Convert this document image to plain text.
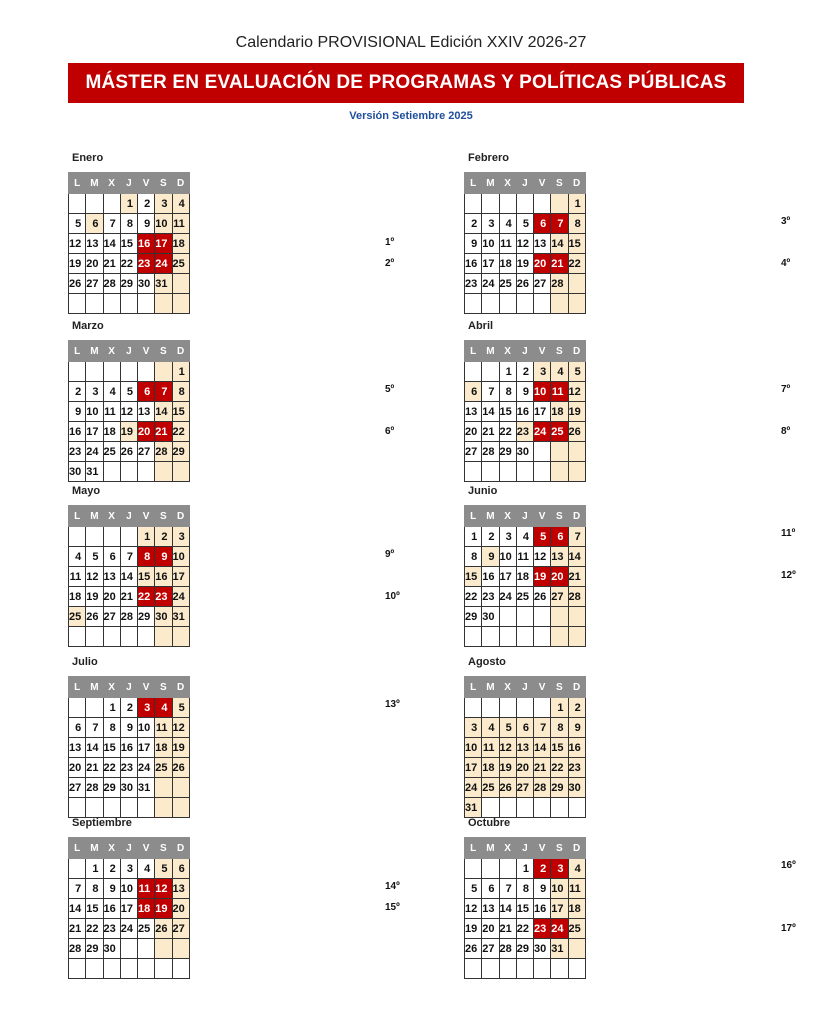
Calendario PROVISIONAL Edición XXIV 2026-27
MÁSTER EN EVALUACIÓN DE PROGRAMAS Y POLÍTICAS PÚBLICAS
Versión Setiembre 2025
Enero
L	M	X	J	V	S	D
			1	2	3	4
5	6	7	8	9	10	11
12	13	14	15	16	17	18
19	20	21	22	23	24	25
26	27	28	29	30	31	

1º
2º
Febrero
L	M	X	J	V	S	D
						1
2	3	4	5	6	7	8
9	10	11	12	13	14	15
16	17	18	19	20	21	22
23	24	25	26	27	28	

3º
4º
Marzo
L	M	X	J	V	S	D
						1
2	3	4	5	6	7	8
9	10	11	12	13	14	15
16	17	18	19	20	21	22
23	24	25	26	27	28	29
30	31					
5º
6º
Abril
L	M	X	J	V	S	D
		1	2	3	4	5
6	7	8	9	10	11	12
13	14	15	16	17	18	19
20	21	22	23	24	25	26
27	28	29	30			

7º
8º
Mayo
L	M	X	J	V	S	D
				1	2	3
4	5	6	7	8	9	10
11	12	13	14	15	16	17
18	19	20	21	22	23	24
25	26	27	28	29	30	31

9º
10º
Junio
L	M	X	J	V	S	D
1	2	3	4	5	6	7
8	9	10	11	12	13	14
15	16	17	18	19	20	21
22	23	24	25	26	27	28
29	30					

11º
12º
Julio
L	M	X	J	V	S	D
		1	2	3	4	5
6	7	8	9	10	11	12
13	14	15	16	17	18	19
20	21	22	23	24	25	26
27	28	29	30	31		

13º
Agosto
L	M	X	J	V	S	D
					1	2
3	4	5	6	7	8	9
10	11	12	13	14	15	16
17	18	19	20	21	22	23
24	25	26	27	28	29	30
31						
Septiembre
L	M	X	J	V	S	D
	1	2	3	4	5	6
7	8	9	10	11	12	13
14	15	16	17	18	19	20
21	22	23	24	25	26	27
28	29	30				

14º
15º
Octubre
L	M	X	J	V	S	D
			1	2	3	4
5	6	7	8	9	10	11
12	13	14	15	16	17	18
19	20	21	22	23	24	25
26	27	28	29	30	31	

16º
17º
